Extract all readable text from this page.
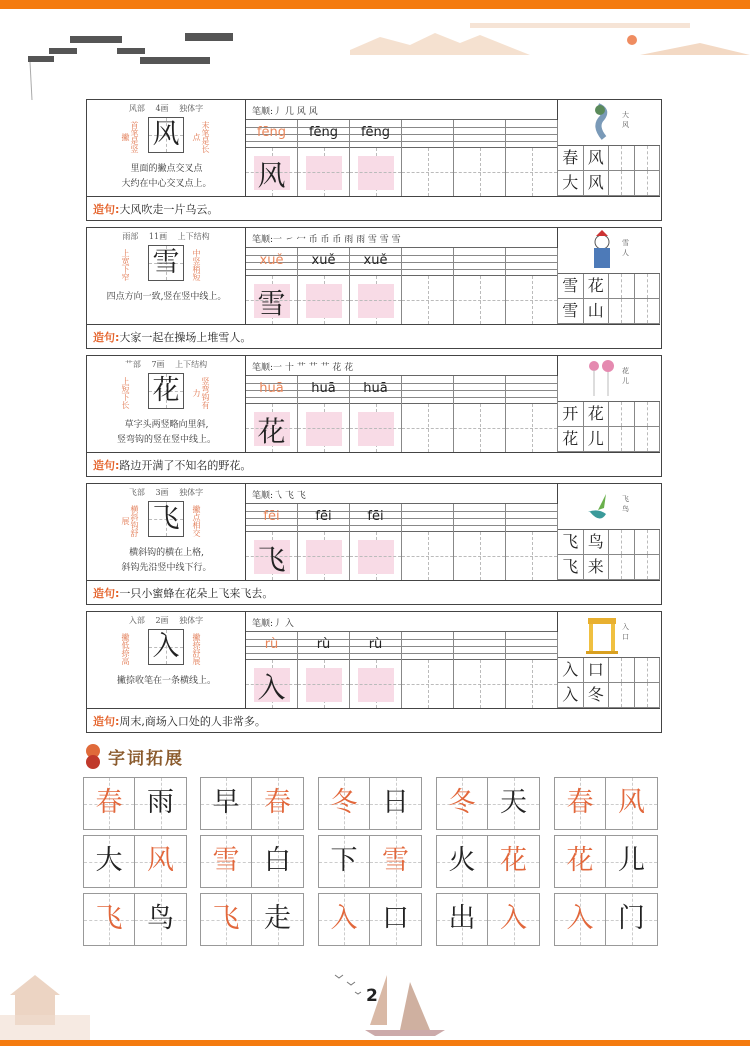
风部 4画 独体字
风
首笔是竖撇	末笔是长点
里面的撇点交叉点
大约在中心交叉点上。
笔顺:丿 几 风 风
fēng	fēng	fēng
风
大风
春 风
大 风
造句:大风吹走一片乌云。
雨部 11画 上下结构
雪
上宽下窄	中竖稍短
四点方向一致,竖在竖中线上。
笔顺:一 ㇀ 冖 币 币 币 雨 雨 雪 雪 雪
xuě	xuě	xuě
雪
雪人
雪 花
雪 山
造句:大家一起在操场上堆雪人。
艹部 7画 上下结构
花
上短下长	竖弯钩有力
草字头两竖略向里斜,
竖弯钩的竖在竖中线上。
笔顺:一 十 艹 艹 艹 花 花
huā	huā	huā
花
花儿
开 花
花 儿
造句:路边开满了不知名的野花。
飞部 3画 独体字
飞
横斜钩舒展	撇点相交
横斜钩的横在上格,
斜钩先沿竖中线下行。
笔顺:乁 飞 飞
fēi	fēi	fēi
飞
飞鸟
飞 鸟
飞 来
造句:一只小蜜蜂在花朵上飞来飞去。
入部 2画 独体字
入
撇低捺高	撇捺舒展
撇捺收笔在一条横线上。
笔顺:丿 入
rù	rù	rù
入
入口
入 口
入 冬
造句:周末,商场入口处的人非常多。
字词拓展
春 雨	早 春	冬 日	冬 天	春 风
大 风	雪 白	下 雪	火 花	花 儿
飞 鸟	飞 走	入 口	出 入	入 门
2
